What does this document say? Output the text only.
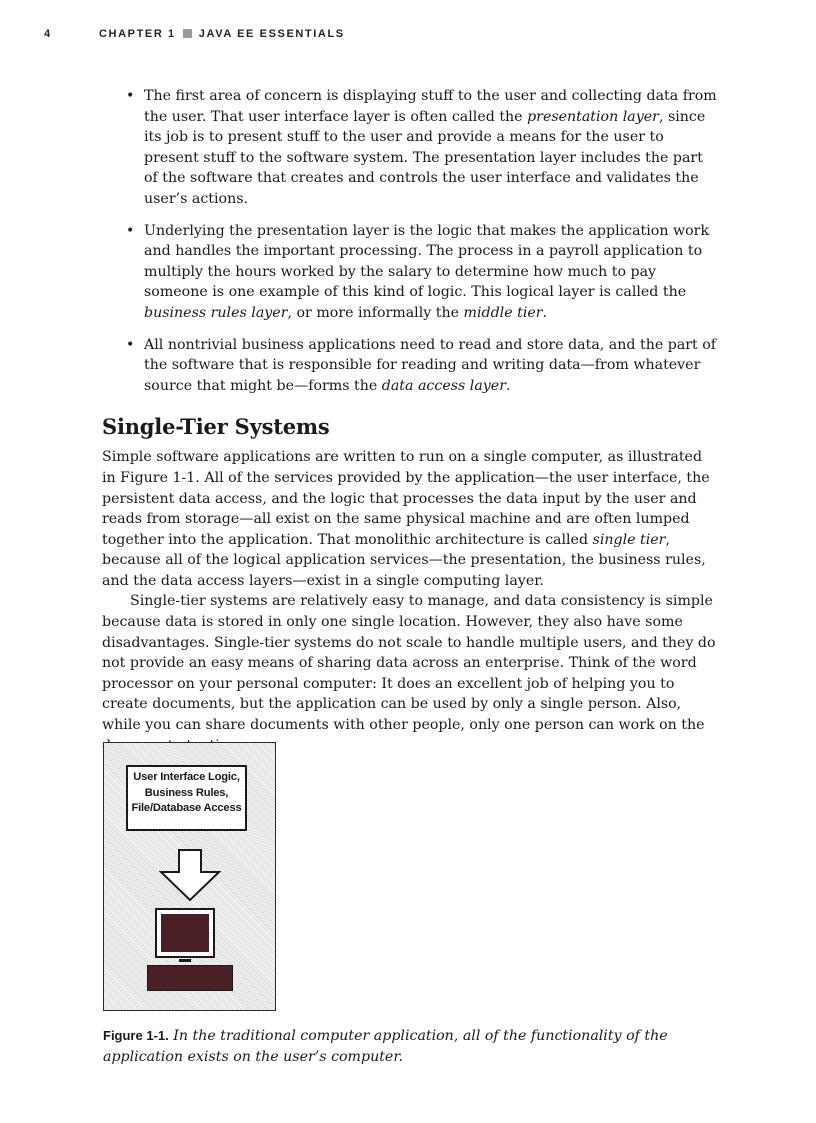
4	CHAPTER 1 JAVA EE ESSENTIALS
• The first area of concern is displaying stuff to the user and collecting data from the user. That user interface layer is often called the presentation layer, since its job is to present stuff to the user and provide a means for the user to present stuff to the software system. The presentation layer includes the part of the software that creates and controls the user interface and validates the user’s actions.
• Underlying the presentation layer is the logic that makes the application work and handles the important processing. The process in a payroll application to multiply the hours worked by the salary to determine how much to pay someone is one example of this kind of logic. This logical layer is called the business rules layer, or more informally the middle tier.
• All nontrivial business applications need to read and store data, and the part of the software that is responsible for reading and writing data—from whatever source that might be—forms the data access layer.
Single-Tier Systems

Simple software applications are written to run on a single computer, as illustrated in Figure 1-1. All of the services provided by the application—the user interface, the persistent data access, and the logic that processes the data input by the user and reads from storage—all exist on the same physical machine and are often lumped together into the application. That monolithic architecture is called single tier, because all of the logical application services—the presentation, the business rules, and the data access layers—exist in a single computing layer.

Single-tier systems are relatively easy to manage, and data consistency is simple because data is stored in only one single location. However, they also have some disadvantages. Single-tier systems do not scale to handle multiple users, and they do not provide an easy means of sharing data across an enterprise. Think of the word processor on your personal computer: It does an excellent job of helping you to create documents, but the application can be used by only a single person. Also, while you can share documents with other people, only one person can work on the

User Interface Logic,
Business Rules,
File/Database Access
Figure 1-1. In the traditional computer application, all of the functionality of the application exists on the user’s computer.
